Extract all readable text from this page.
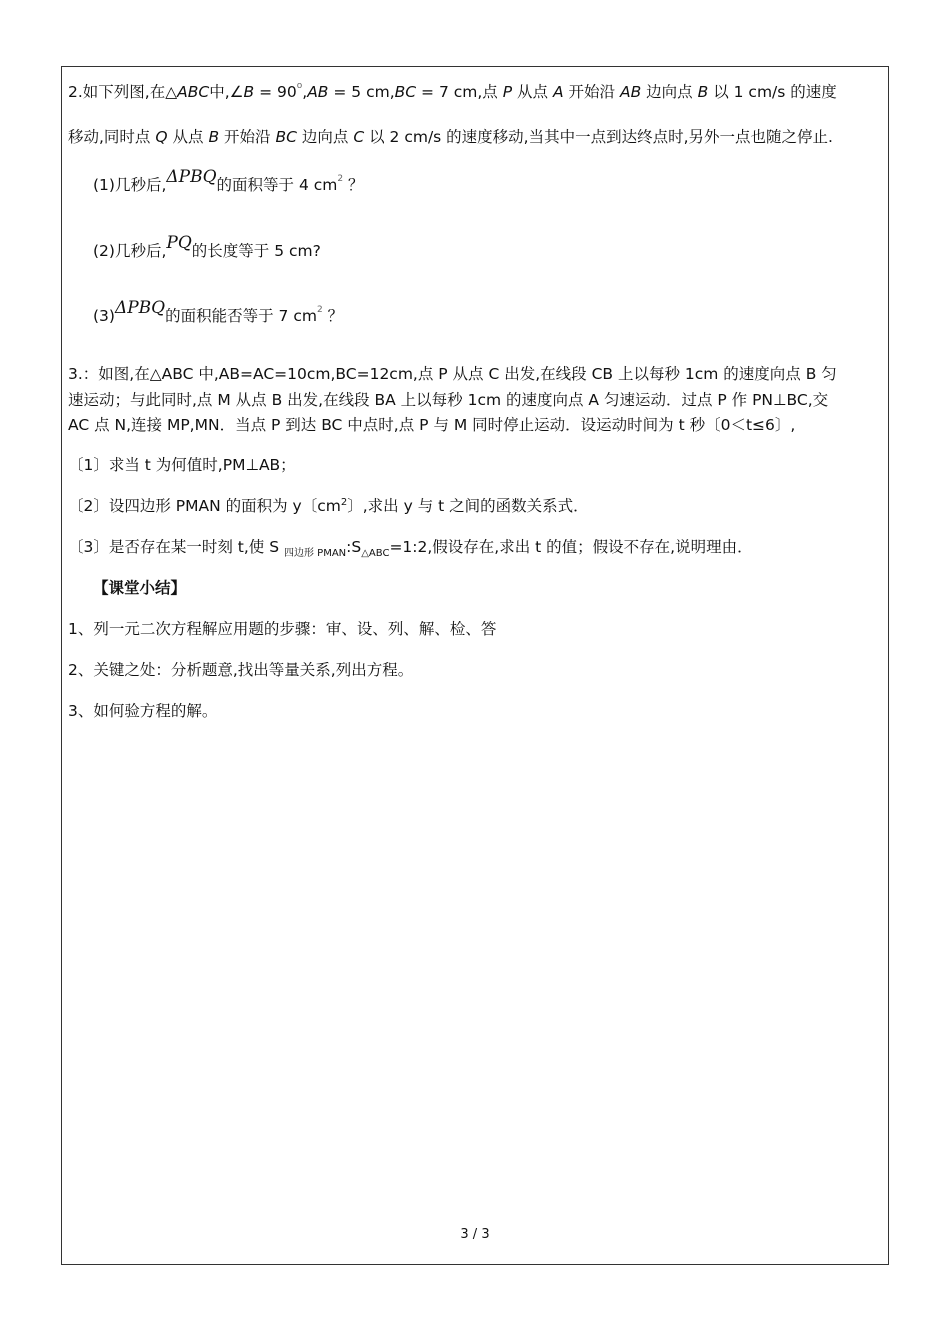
2.如下列图,在△ABC中,∠B = $90^o,AB = 5$ cm,BC = 7 cm,点 P 从点 A 开始沿 AB 边向点 B 以 1 cm/s 的速度
移动,同时点 Q 从点 B 开始沿 BC 边向点 C 以 2 cm/s 的速度移动,当其中一点到达终点时,另外一点也随之停止.
(1)几秒后,ΔPBQ的面积等于 4 $cm^2$ ？
(2)几秒后,PQ的长度等于 5 cm?
(3)ΔPBQ的面积能否等于 7 $cm^2$ ？
3.：如图,在△ABC 中,AB=AC=10cm,BC=12cm,点 P 从点 C 出发,在线段 CB 上以每秒 1cm 的速度向点 B 匀
速运动；与此同时,点 M 从点 B 出发,在线段 BA 上以每秒 1cm 的速度向点 A 匀速运动．过点 P 作 PN⊥BC,交
AC 点 N,连接 MP,MN．当点 P 到达 BC 中点时,点 P 与 M 同时停止运动．设运动时间为 t 秒〔0＜t≤6〕,
〔1〕求当 t 为何值时,PM⊥AB；
〔2〕设四边形 PMAN 的面积为 y〔$cm^2$〕,求出 y 与 t 之间的函数关系式．
〔3〕是否存在某一时刻 t,使 S $_{四边形 PMAN}:S_{\triangle ABC}=1:2$,假设存在,求出 t 的值；假设不存在,说明理由．
【课堂小结】
1、列一元二次方程解应用题的步骤：审、设、列、解、检、答
2、关键之处：分析题意,找出等量关系,列出方程。
3、如何验方程的解。
3 / 3
